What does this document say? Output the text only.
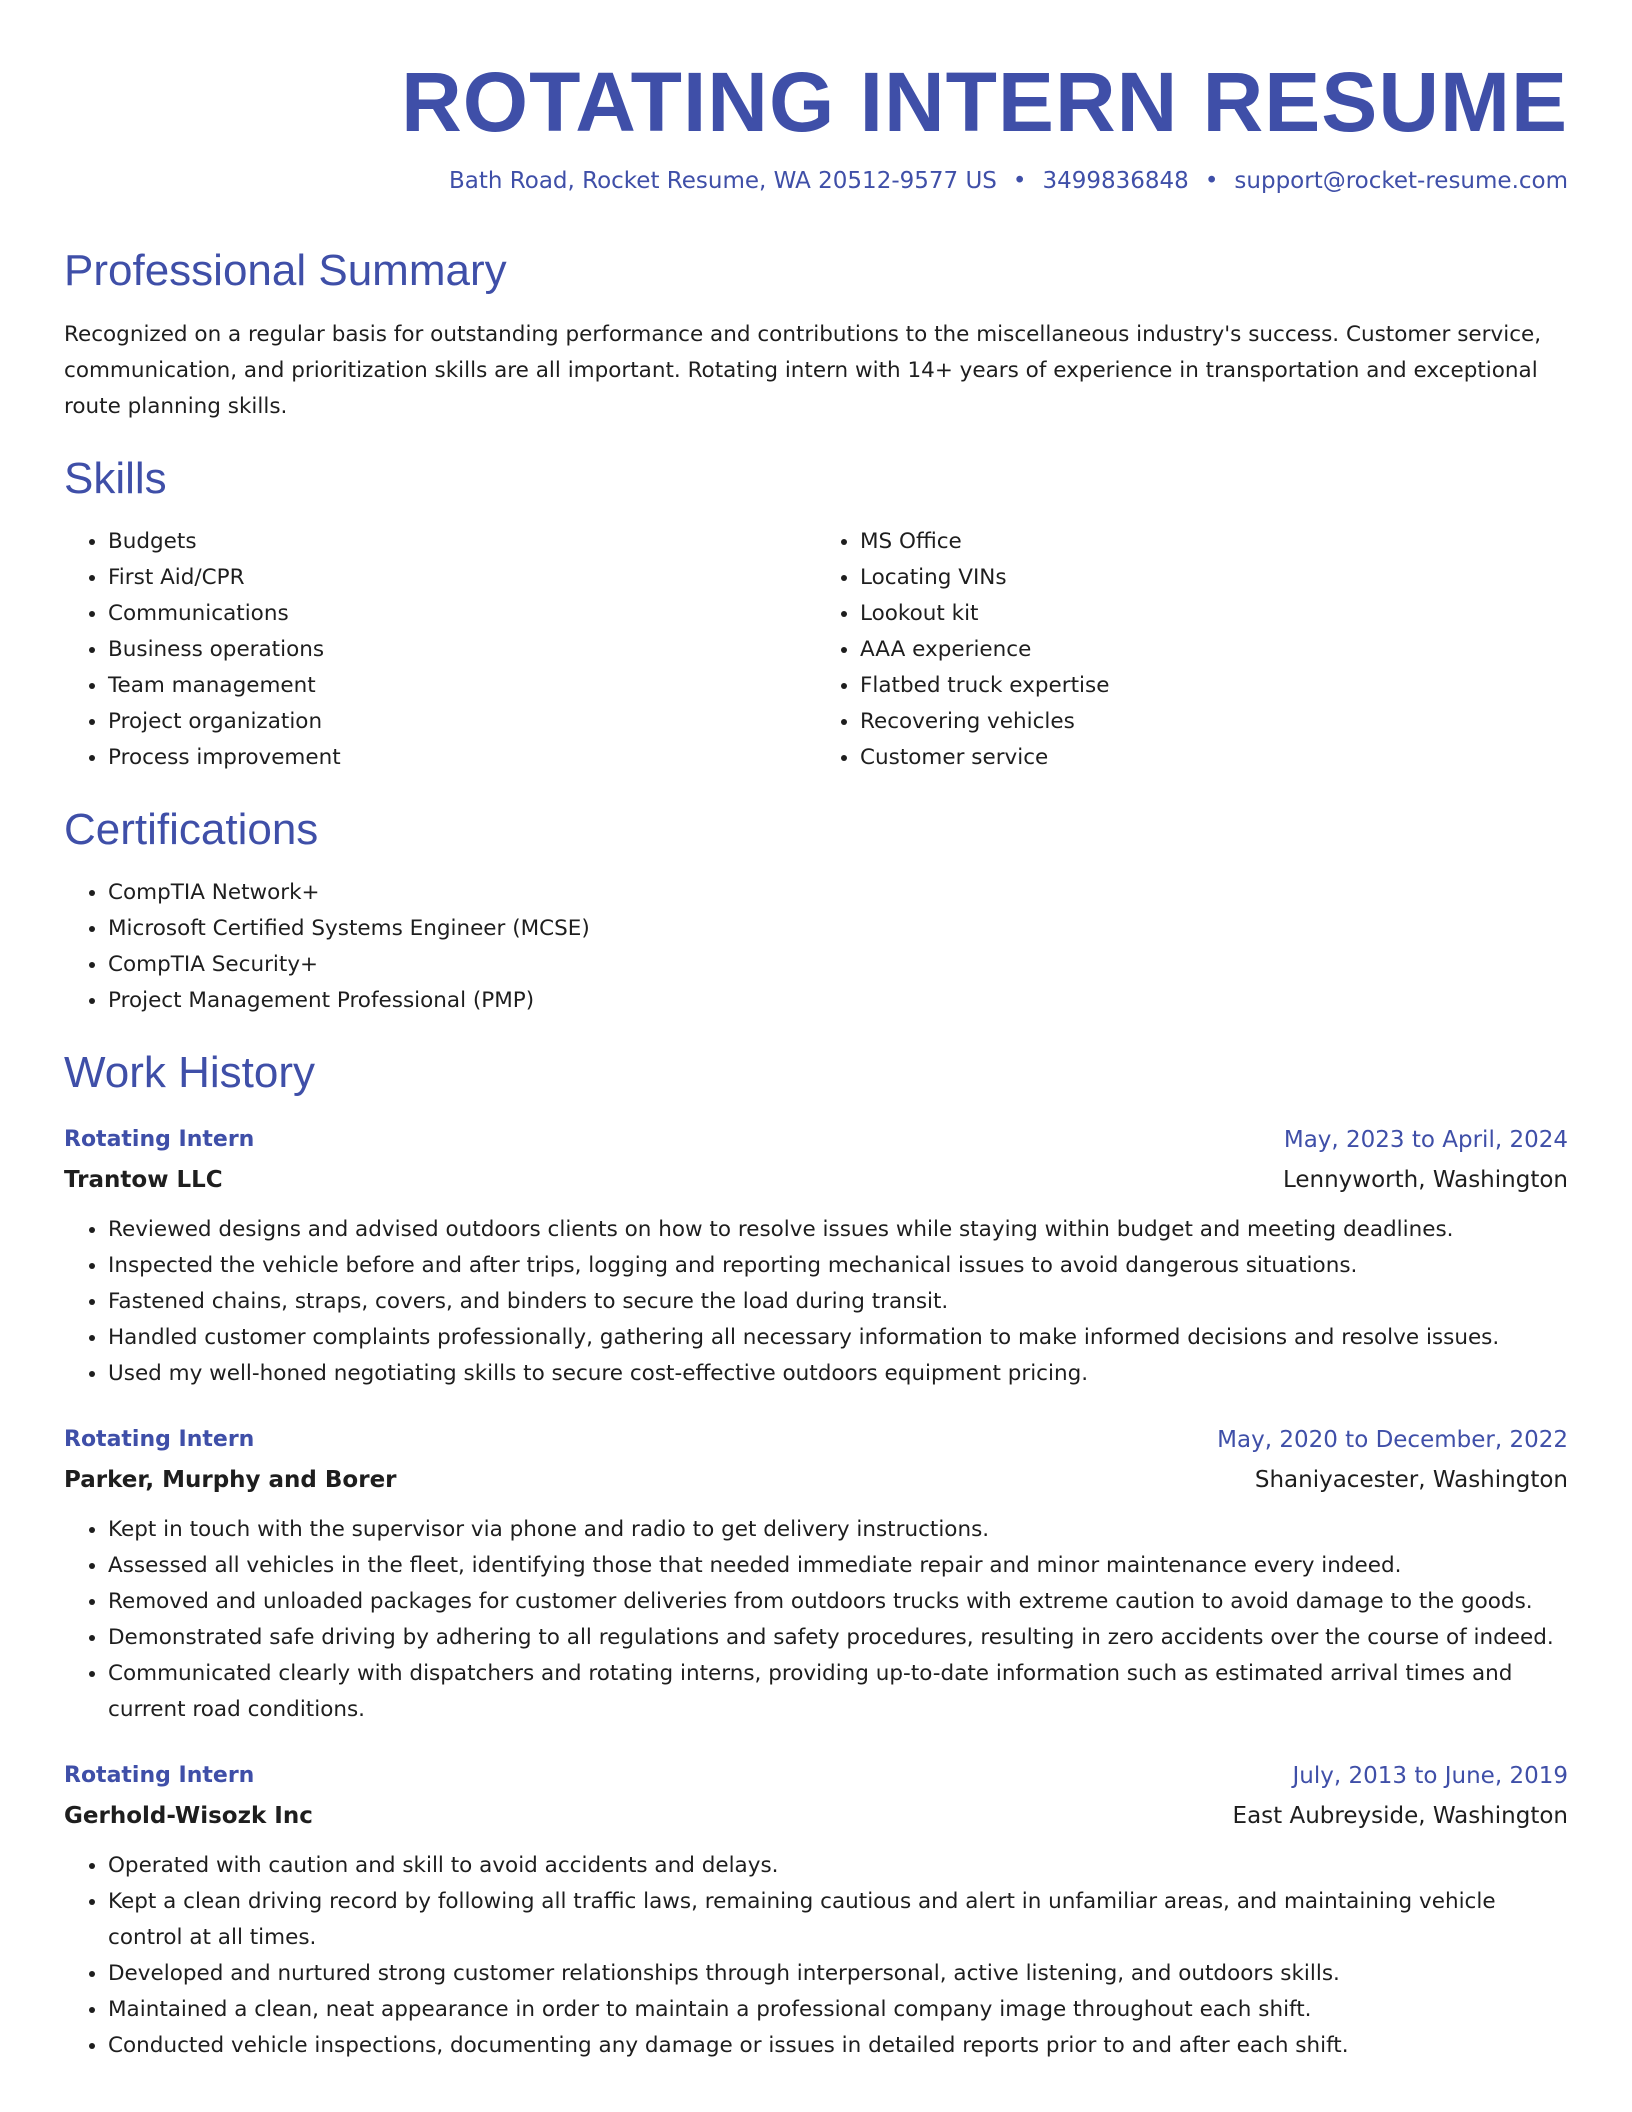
ROTATING INTERN RESUME
Bath Road, Rocket Resume, WA 20512-9577 US • 3499836848 • support@rocket-resume.com
Professional Summary
Recognized on a regular basis for outstanding performance and contributions to the miscellaneous industry's success. Customer service, communication, and prioritization skills are all important. Rotating intern with 14+ years of experience in transportation and exceptional route planning skills.
Skills
• Budgets
• First Aid/CPR
• Communications
• Business operations
• Team management
• Project organization
• Process improvement
• MS Office
• Locating VINs
• Lookout kit
• AAA experience
• Flatbed truck expertise
• Recovering vehicles
• Customer service
Certifications
• CompTIA Network+
• Microsoft Certified Systems Engineer (MCSE)
• CompTIA Security+
• Project Management Professional (PMP)
Work History
Rotating Intern	May, 2023 to April, 2024
Trantow LLC	Lennyworth, Washington
• Reviewed designs and advised outdoors clients on how to resolve issues while staying within budget and meeting deadlines.
• Inspected the vehicle before and after trips, logging and reporting mechanical issues to avoid dangerous situations.
• Fastened chains, straps, covers, and binders to secure the load during transit.
• Handled customer complaints professionally, gathering all necessary information to make informed decisions and resolve issues.
• Used my well-honed negotiating skills to secure cost-effective outdoors equipment pricing.
Rotating Intern	May, 2020 to December, 2022
Parker, Murphy and Borer	Shaniyacester, Washington
• Kept in touch with the supervisor via phone and radio to get delivery instructions.
• Assessed all vehicles in the fleet, identifying those that needed immediate repair and minor maintenance every indeed.
• Removed and unloaded packages for customer deliveries from outdoors trucks with extreme caution to avoid damage to the goods.
• Demonstrated safe driving by adhering to all regulations and safety procedures, resulting in zero accidents over the course of indeed.
• Communicated clearly with dispatchers and rotating interns, providing up-to-date information such as estimated arrival times and current road conditions.
Rotating Intern	July, 2013 to June, 2019
Gerhold-Wisozk Inc	East Aubreyside, Washington
• Operated with caution and skill to avoid accidents and delays.
• Kept a clean driving record by following all traffic laws, remaining cautious and alert in unfamiliar areas, and maintaining vehicle control at all times.
• Developed and nurtured strong customer relationships through interpersonal, active listening, and outdoors skills.
• Maintained a clean, neat appearance in order to maintain a professional company image throughout each shift.
• Conducted vehicle inspections, documenting any damage or issues in detailed reports prior to and after each shift.
